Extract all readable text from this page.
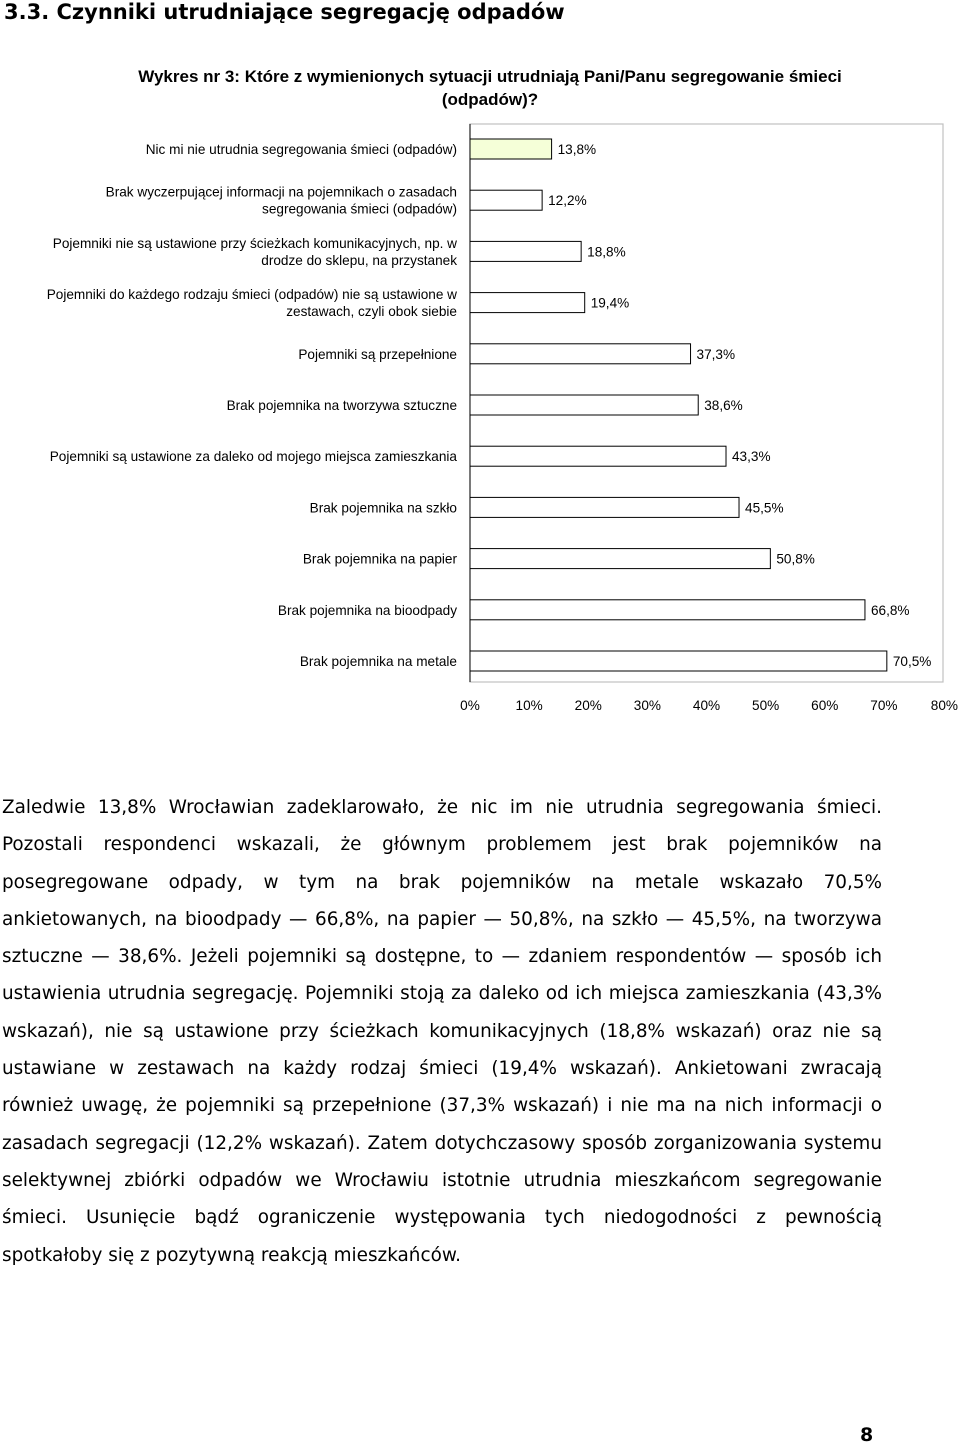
3.3. Czynniki utrudniające segregację odpadów

Wykres nr 3: Które z wymienionych sytuacji utrudniają Pani/Panu segregowanie śmieci (odpadów)?

Nic mi nie utrudnia segregowania śmieci (odpadów)
Brak wyczerpującej informacji na pojemnikach o zasadach
segregowania śmieci (odpadów)
Pojemniki nie są ustawione przy ścieżkach komunikacyjnych, np. w
drodze do sklepu, na przystanek
Pojemniki do każdego rodzaju śmieci (odpadów) nie są ustawione w
zestawach, czyli obok siebie
Pojemniki są przepełnione
Brak pojemnika na tworzywa sztuczne
Pojemniki są ustawione za daleko od mojego miejsca zamieszkania
Brak pojemnika na szkło
Brak pojemnika na papier
Brak pojemnika na bioodpady
Brak pojemnika na metale
13,8%
12,2%
18,8%
19,4%
37,3%
38,6%
43,3%
45,5%
50,8%
66,8%
70,5%
0%	10% 20% 30% 40% 50% 60% 70% 80%

Zaledwie 13,8% Wrocławian zadeklarowało, że nic im nie utrudnia segregowania śmieci. Pozostali respondenci wskazali, że głównym problemem jest brak pojemników na posegregowane odpady, w tym na brak pojemników na metale wskazało 70,5% ankietowanych, na bioodpady — 66,8%, na papier — 50,8%, na szkło — 45,5%, na tworzywa sztuczne — 38,6%. Jeżeli pojemniki są dostępne, to — zdaniem respondentów — sposób ich ustawienia utrudnia segregację. Pojemniki stoją za daleko od ich miejsca zamieszkania (43,3% wskazań), nie są ustawione przy ścieżkach komunikacyjnych (18,8% wskazań) oraz nie są ustawiane w zestawach na każdy rodzaj śmieci (19,4% wskazań). Ankietowani zwracają również uwagę, że pojemniki są przepełnione (37,3% wskazań) i nie ma na nich informacji o zasadach segregacji (12,2% wskazań). Zatem dotychczasowy sposób zorganizowania systemu selektywnej zbiórki odpadów we Wrocławiu istotnie utrudnia mieszkańcom segregowanie śmieci. Usunięcie bądź ograniczenie występowania tych niedogodności z pewnością spotkałoby się z pozytywną reakcją mieszkańców.

8
